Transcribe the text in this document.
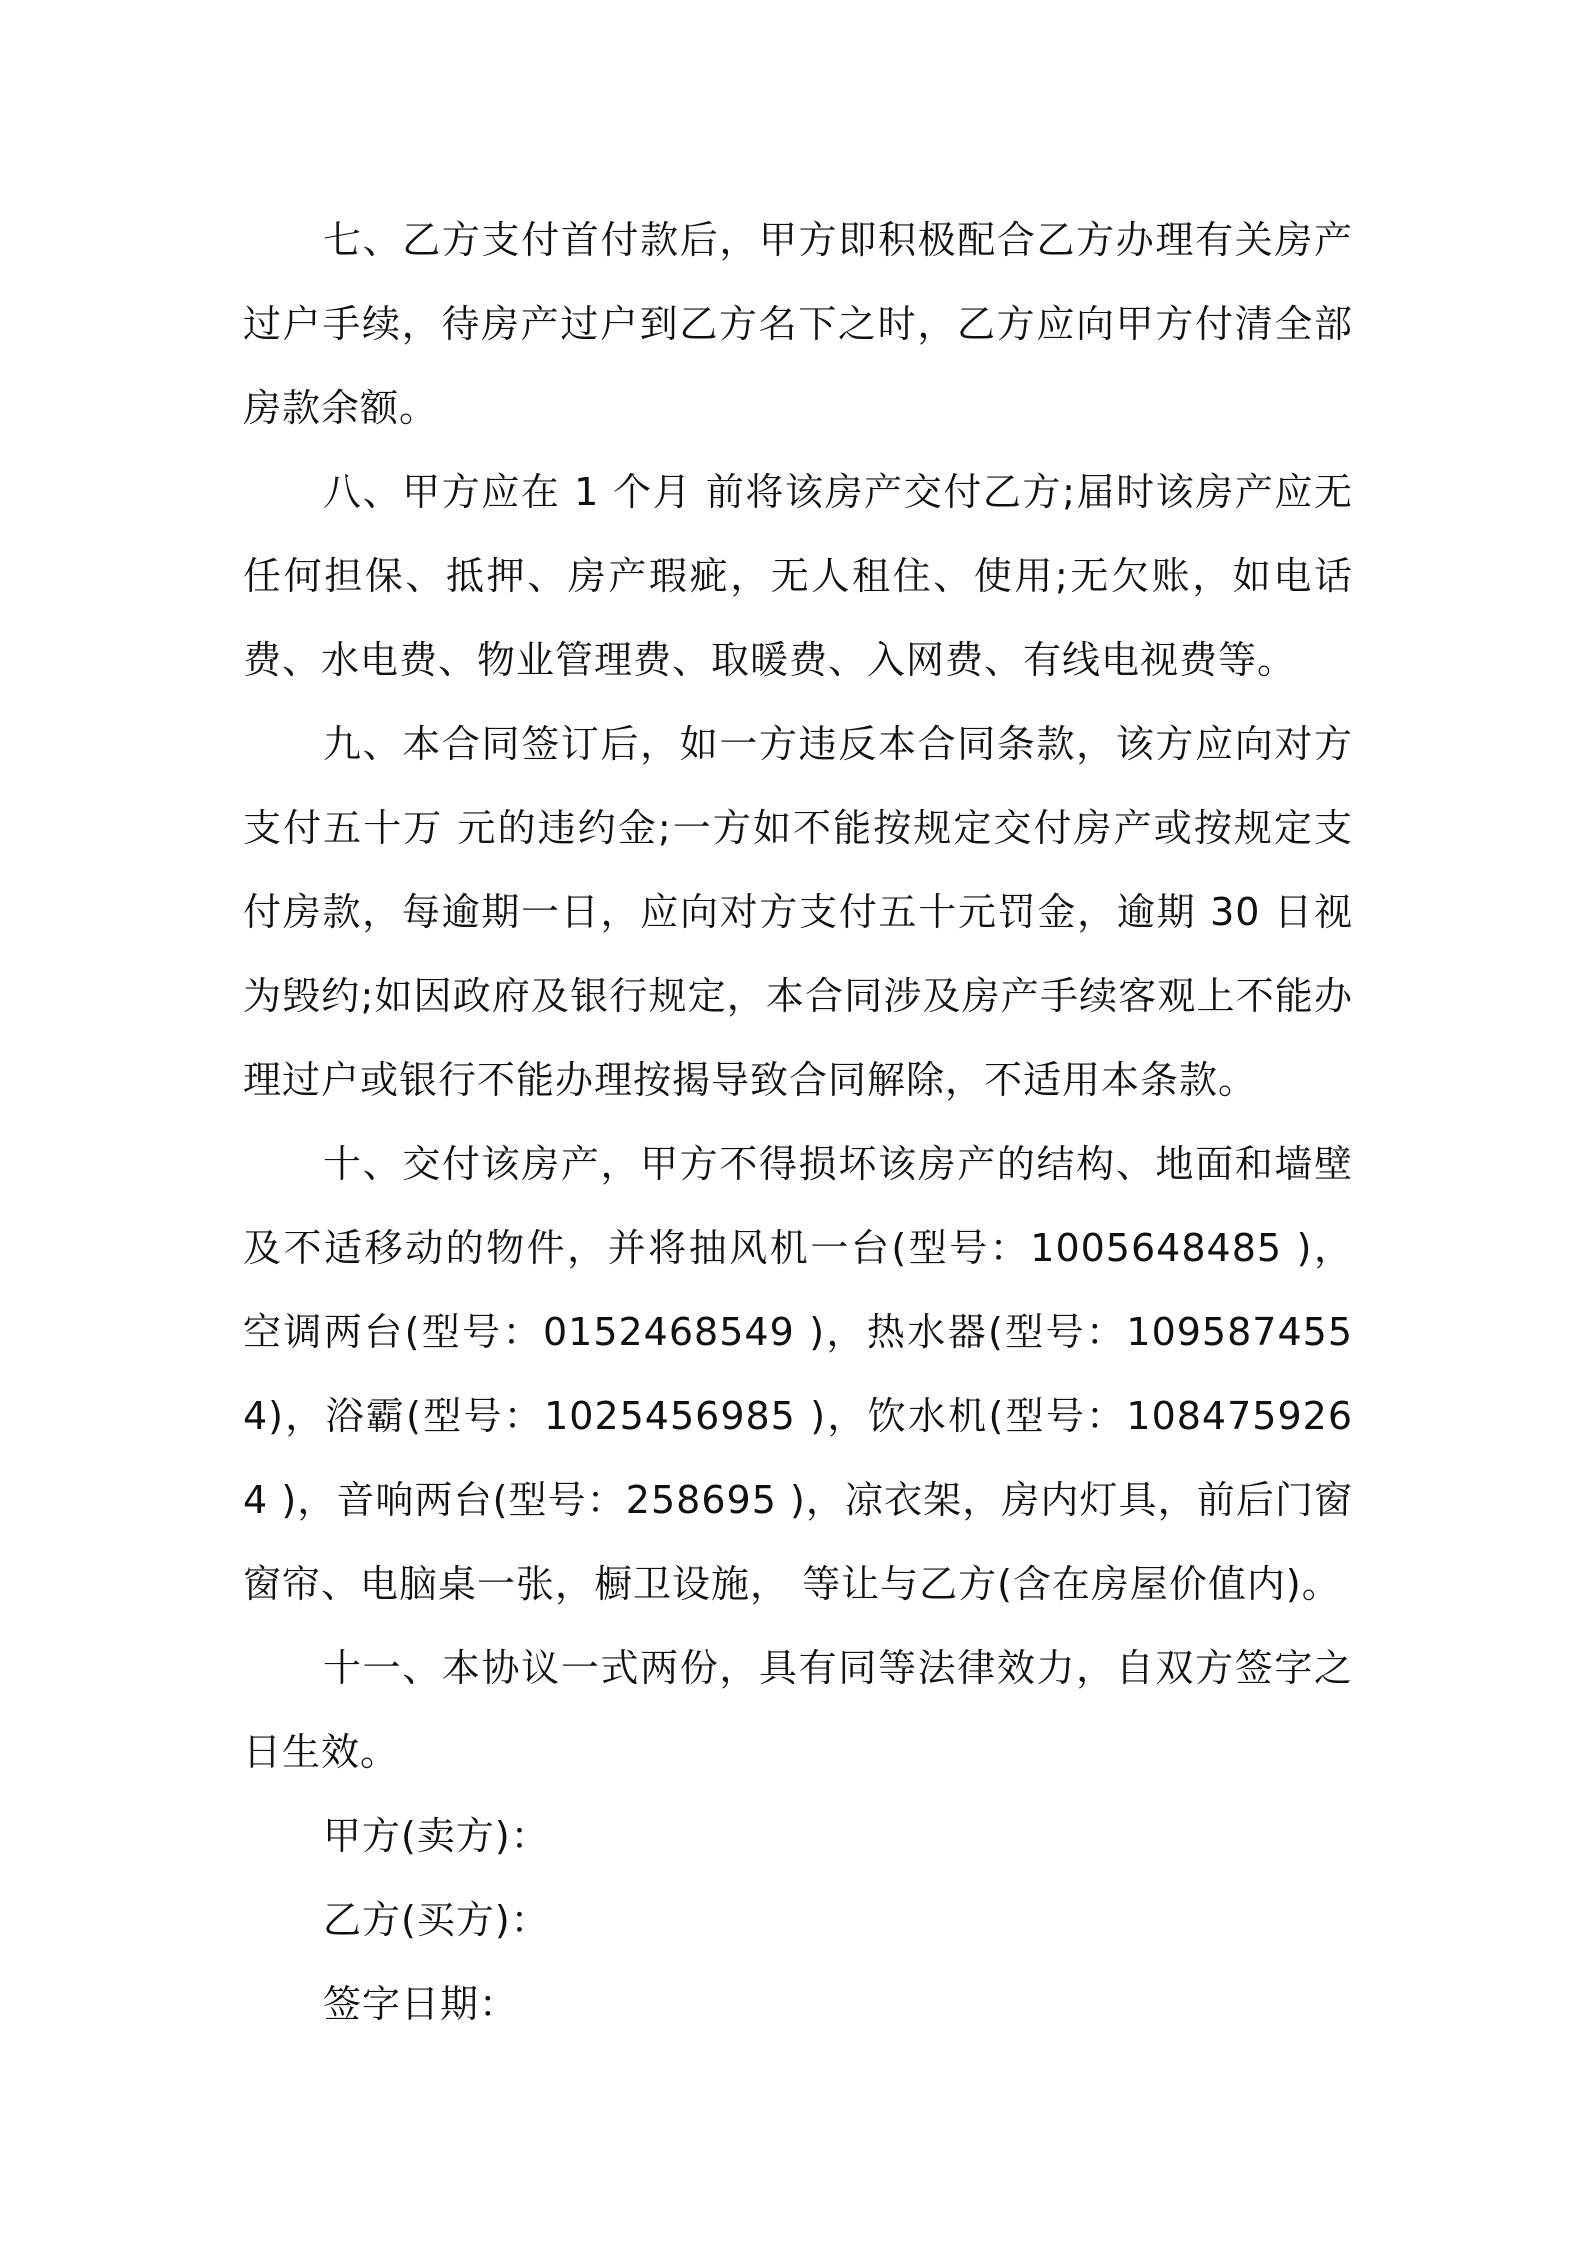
七、乙方支付首付款后，甲方即积极配合乙方办理有关房产过户手续，待房产过户到乙方名下之时，乙方应向甲方付清全部房款余额。

八、甲方应在 1 个月 前将该房产交付乙方;届时该房产应无任何担保、抵押、房产瑕疵，无人租住、使用;无欠账，如电话费、水电费、物业管理费、取暖费、入网费、有线电视费等。

九、本合同签订后，如一方违反本合同条款，该方应向对方支付五十万 元的违约金;一方如不能按规定交付房产或按规定支付房款，每逾期一日，应向对方支付五十元罚金，逾期 30 日视为毁约;如因政府及银行规定，本合同涉及房产手续客观上不能办理过户或银行不能办理按揭导致合同解除，不适用本条款。

十、交付该房产，甲方不得损坏该房产的结构、地面和墙壁及不适移动的物件，并将抽风机一台(型号：1005648485 )，空调两台(型号：0152468549 )，热水器(型号：1095874554)，浴霸(型号：1025456985 )，饮水机(型号：1084759264 )，音响两台(型号：258695 )，凉衣架，房内灯具，前后门窗窗帘、电脑桌一张，橱卫设施， 等让与乙方(含在房屋价值内)。

十一、本协议一式两份，具有同等法律效力，自双方签字之日生效。

甲方(卖方)：
乙方(买方)：
签字日期：
